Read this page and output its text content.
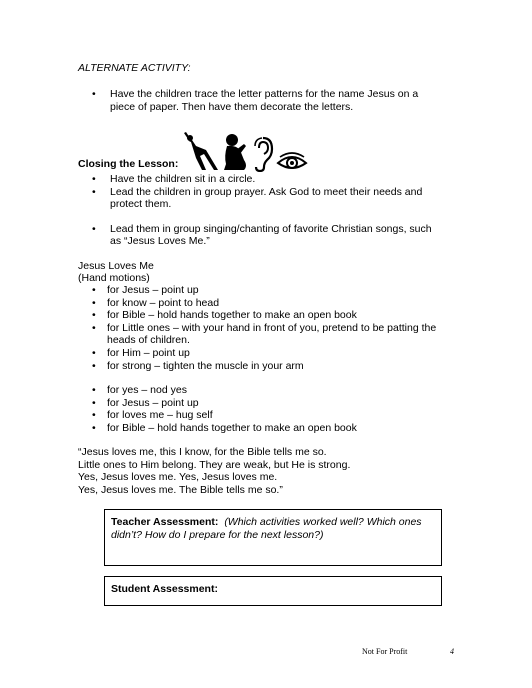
ALTERNATE ACTIVITY:
• Have the children trace the letter patterns for the name Jesus on a piece of paper. Then have them decorate the letters.
Closing the Lesson:
• Have the children sit in a circle.
• Lead the children in group prayer. Ask God to meet their needs and protect them.
• Lead them in group singing/chanting of favorite Christian songs, such as “Jesus Loves Me.”
Jesus Loves Me
(Hand motions)
• for Jesus – point up
• for know – point to head
• for Bible – hold hands together to make an open book
• for Little ones – with your hand in front of you, pretend to be patting the heads of children.
• for Him – point up
• for strong – tighten the muscle in your arm
• for yes – nod yes
• for Jesus – point up
• for loves me – hug self
• for Bible – hold hands together to make an open book
“Jesus loves me, this I know, for the Bible tells me so.
Little ones to Him belong. They are weak, but He is strong.
Yes, Jesus loves me. Yes, Jesus loves me.
Yes, Jesus loves me. The Bible tells me so.”
Teacher Assessment: (Which activities worked well? Which ones didn’t? How do I prepare for the next lesson?)
Student Assessment:
Not For Profit	4
